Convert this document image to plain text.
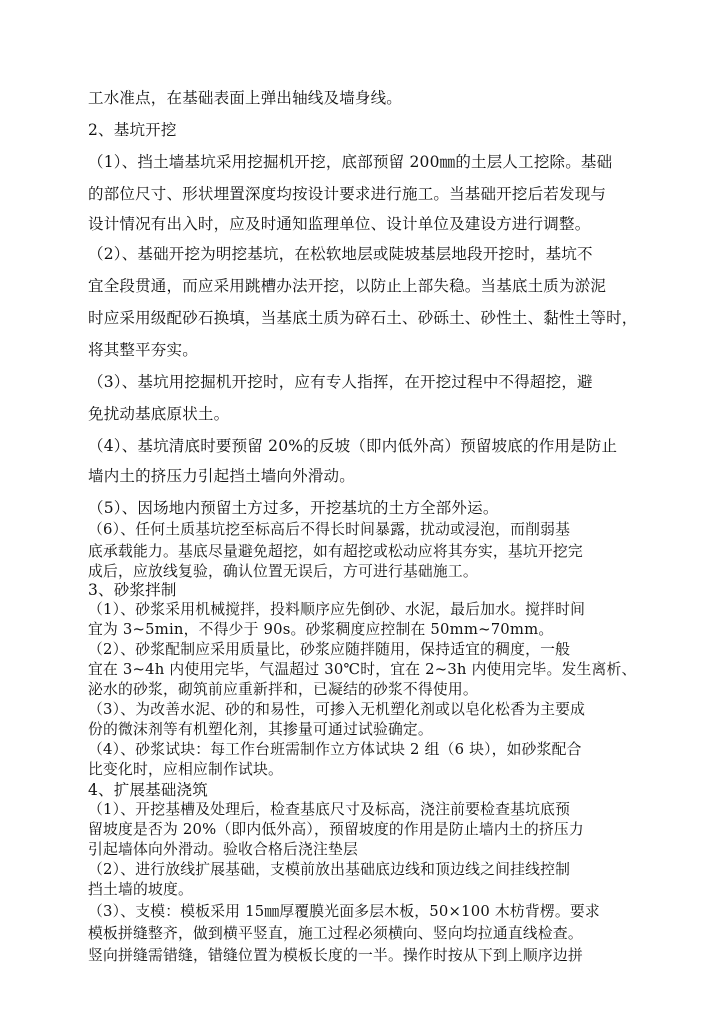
工水准点，在基础表面上弹出轴线及墙身线。
2、基坑开挖
（1）、挡土墙基坑采用挖掘机开挖，底部预留 200㎜的土层人工挖除。基础
的部位尺寸、形状埋置深度均按设计要求进行施工。当基础开挖后若发现与
设计情况有出入时，应及时通知监理单位、设计单位及建设方进行调整。
（2）、基础开挖为明挖基坑，在松软地层或陡坡基层地段开挖时，基坑不
宜全段贯通，而应采用跳槽办法开挖，以防止上部失稳。当基底土质为淤泥
时应采用级配砂石换填，当基底土质为碎石土、砂砾土、砂性土、黏性土等时，
将其整平夯实。
（3）、基坑用挖掘机开挖时，应有专人指挥，在开挖过程中不得超挖，避
免扰动基底原状土。
（4）、基坑清底时要预留 20%的反坡（即内低外高）预留坡底的作用是防止
墙内土的挤压力引起挡土墙向外滑动。
（5）、因场地内预留土方过多，开挖基坑的土方全部外运。
（6）、任何土质基坑挖至标高后不得长时间暴露，扰动或浸泡，而削弱基
底承载能力。基底尽量避免超挖，如有超挖或松动应将其夯实，基坑开挖完
成后，应放线复验，确认位置无误后，方可进行基础施工。
3、砂浆拌制
（1）、砂浆采用机械搅拌，投料顺序应先倒砂、水泥，最后加水。搅拌时间
宜为 3~5min，不得少于 90s。砂浆稠度应控制在 50mm~70mm。
（2）、砂浆配制应采用质量比，砂浆应随拌随用，保持适宜的稠度，一般
宜在 3~4h 内使用完毕，气温超过 30℃时，宜在 2~3h 内使用完毕。发生离析、
泌水的砂浆，砌筑前应重新拌和，已凝结的砂浆不得使用。
（3）、为改善水泥、砂的和易性，可掺入无机塑化剂或以皂化松香为主要成
份的微沫剂等有机塑化剂，其掺量可通过试验确定。
（4）、砂浆试块：每工作台班需制作立方体试块 2 组（6 块），如砂浆配合
比变化时，应相应制作试块。
4、扩展基础浇筑
（1）、开挖基槽及处理后，检查基底尺寸及标高，浇注前要检查基坑底预
留坡度是否为 20%（即内低外高），预留坡度的作用是防止墙内土的挤压力
引起墙体向外滑动。验收合格后浇注垫层
（2）、进行放线扩展基础，支模前放出基础底边线和顶边线之间挂线控制
挡土墙的坡度。
（3）、支模：模板采用 15㎜厚覆膜光面多层木板，50×100 木枋背楞。要求
模板拼缝整齐，做到横平竖直，施工过程必须横向、竖向均拉通直线检查。
竖向拼缝需错缝，错缝位置为模板长度的一半。操作时按从下到上顺序边拼
